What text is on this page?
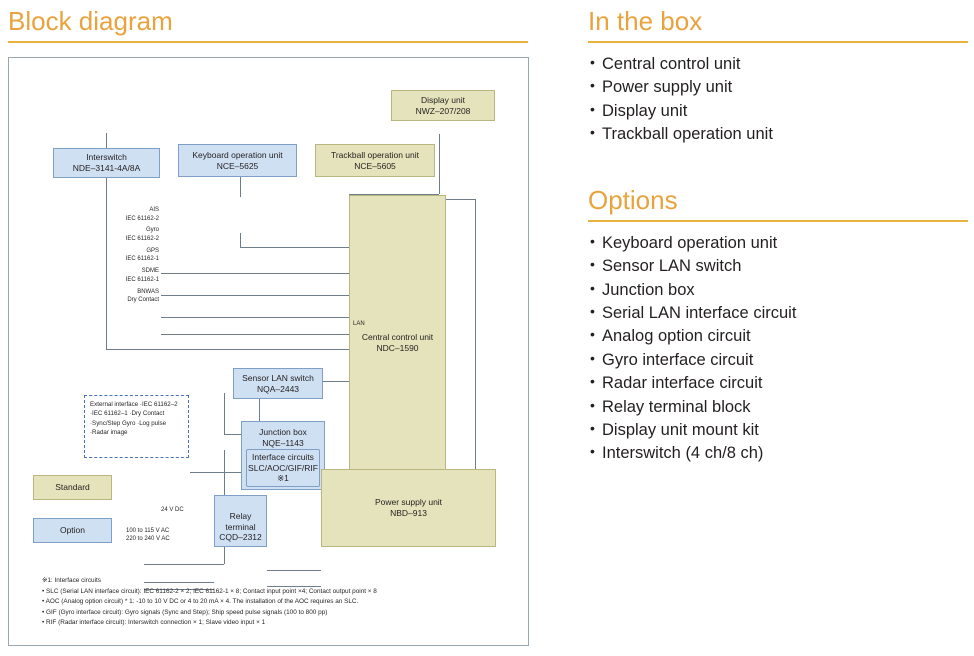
Block diagram	In the box
• Central control unit
• Power supply unit
• Display unit
• Trackball operation unit
Options
• Keyboard operation unit
• Sensor LAN switch
• Junction box
• Serial LAN interface circuit
• Analog option circuit
• Gyro interface circuit
• Radar interface circuit
• Relay terminal block
• Display unit mount kit
• Interswitch (4 ch/8 ch)
Interswitch
NDE–3141-4A/8A
Display unit
NWZ–207/208
Keyboard operation unit
NCE–5625
Trackball operation unit
NCE–5605
Central control unit
NDC–1590
LAN
Sensor LAN switch
NQA–2443
Junction box
NQE–1143
Interface circuits
SLC/AOC/GIF/RIF
※1
Power supply unit
NBD–913
Relay terminal
CQD–2312
Standard
Option
AIS
IEC 61162-2
Gyro
IEC 61162-2
GPS
IEC 61162-1
SDME
IEC 61162-1
BNWAS
Dry Contact
External interface ·IEC 61162–2 ·IEC 61162–1 ·Dry Contact ·Sync/Step Gyro ·Log pulse ·Radar image
24 V DC
100 to 115 V AC
220 to 240 V AC
※1: Interface circuits
• SLC (Serial LAN interface circuit): IEC 61162-2 × 2; IEC 61162-1 × 8; Contact input point ×4; Contact output point × 8
• AOC (Analog option circuit) * 1: -10 to 10 V DC or 4 to 20 mA × 4. The installation of the AOC requires an SLC.
• GIF (Gyro interface circuit): Gyro signals (Sync and Step); Ship speed pulse signals (100 to 800 pp)
• RIF (Radar interface circuit): Interswitch connection × 1; Slave video input × 1
